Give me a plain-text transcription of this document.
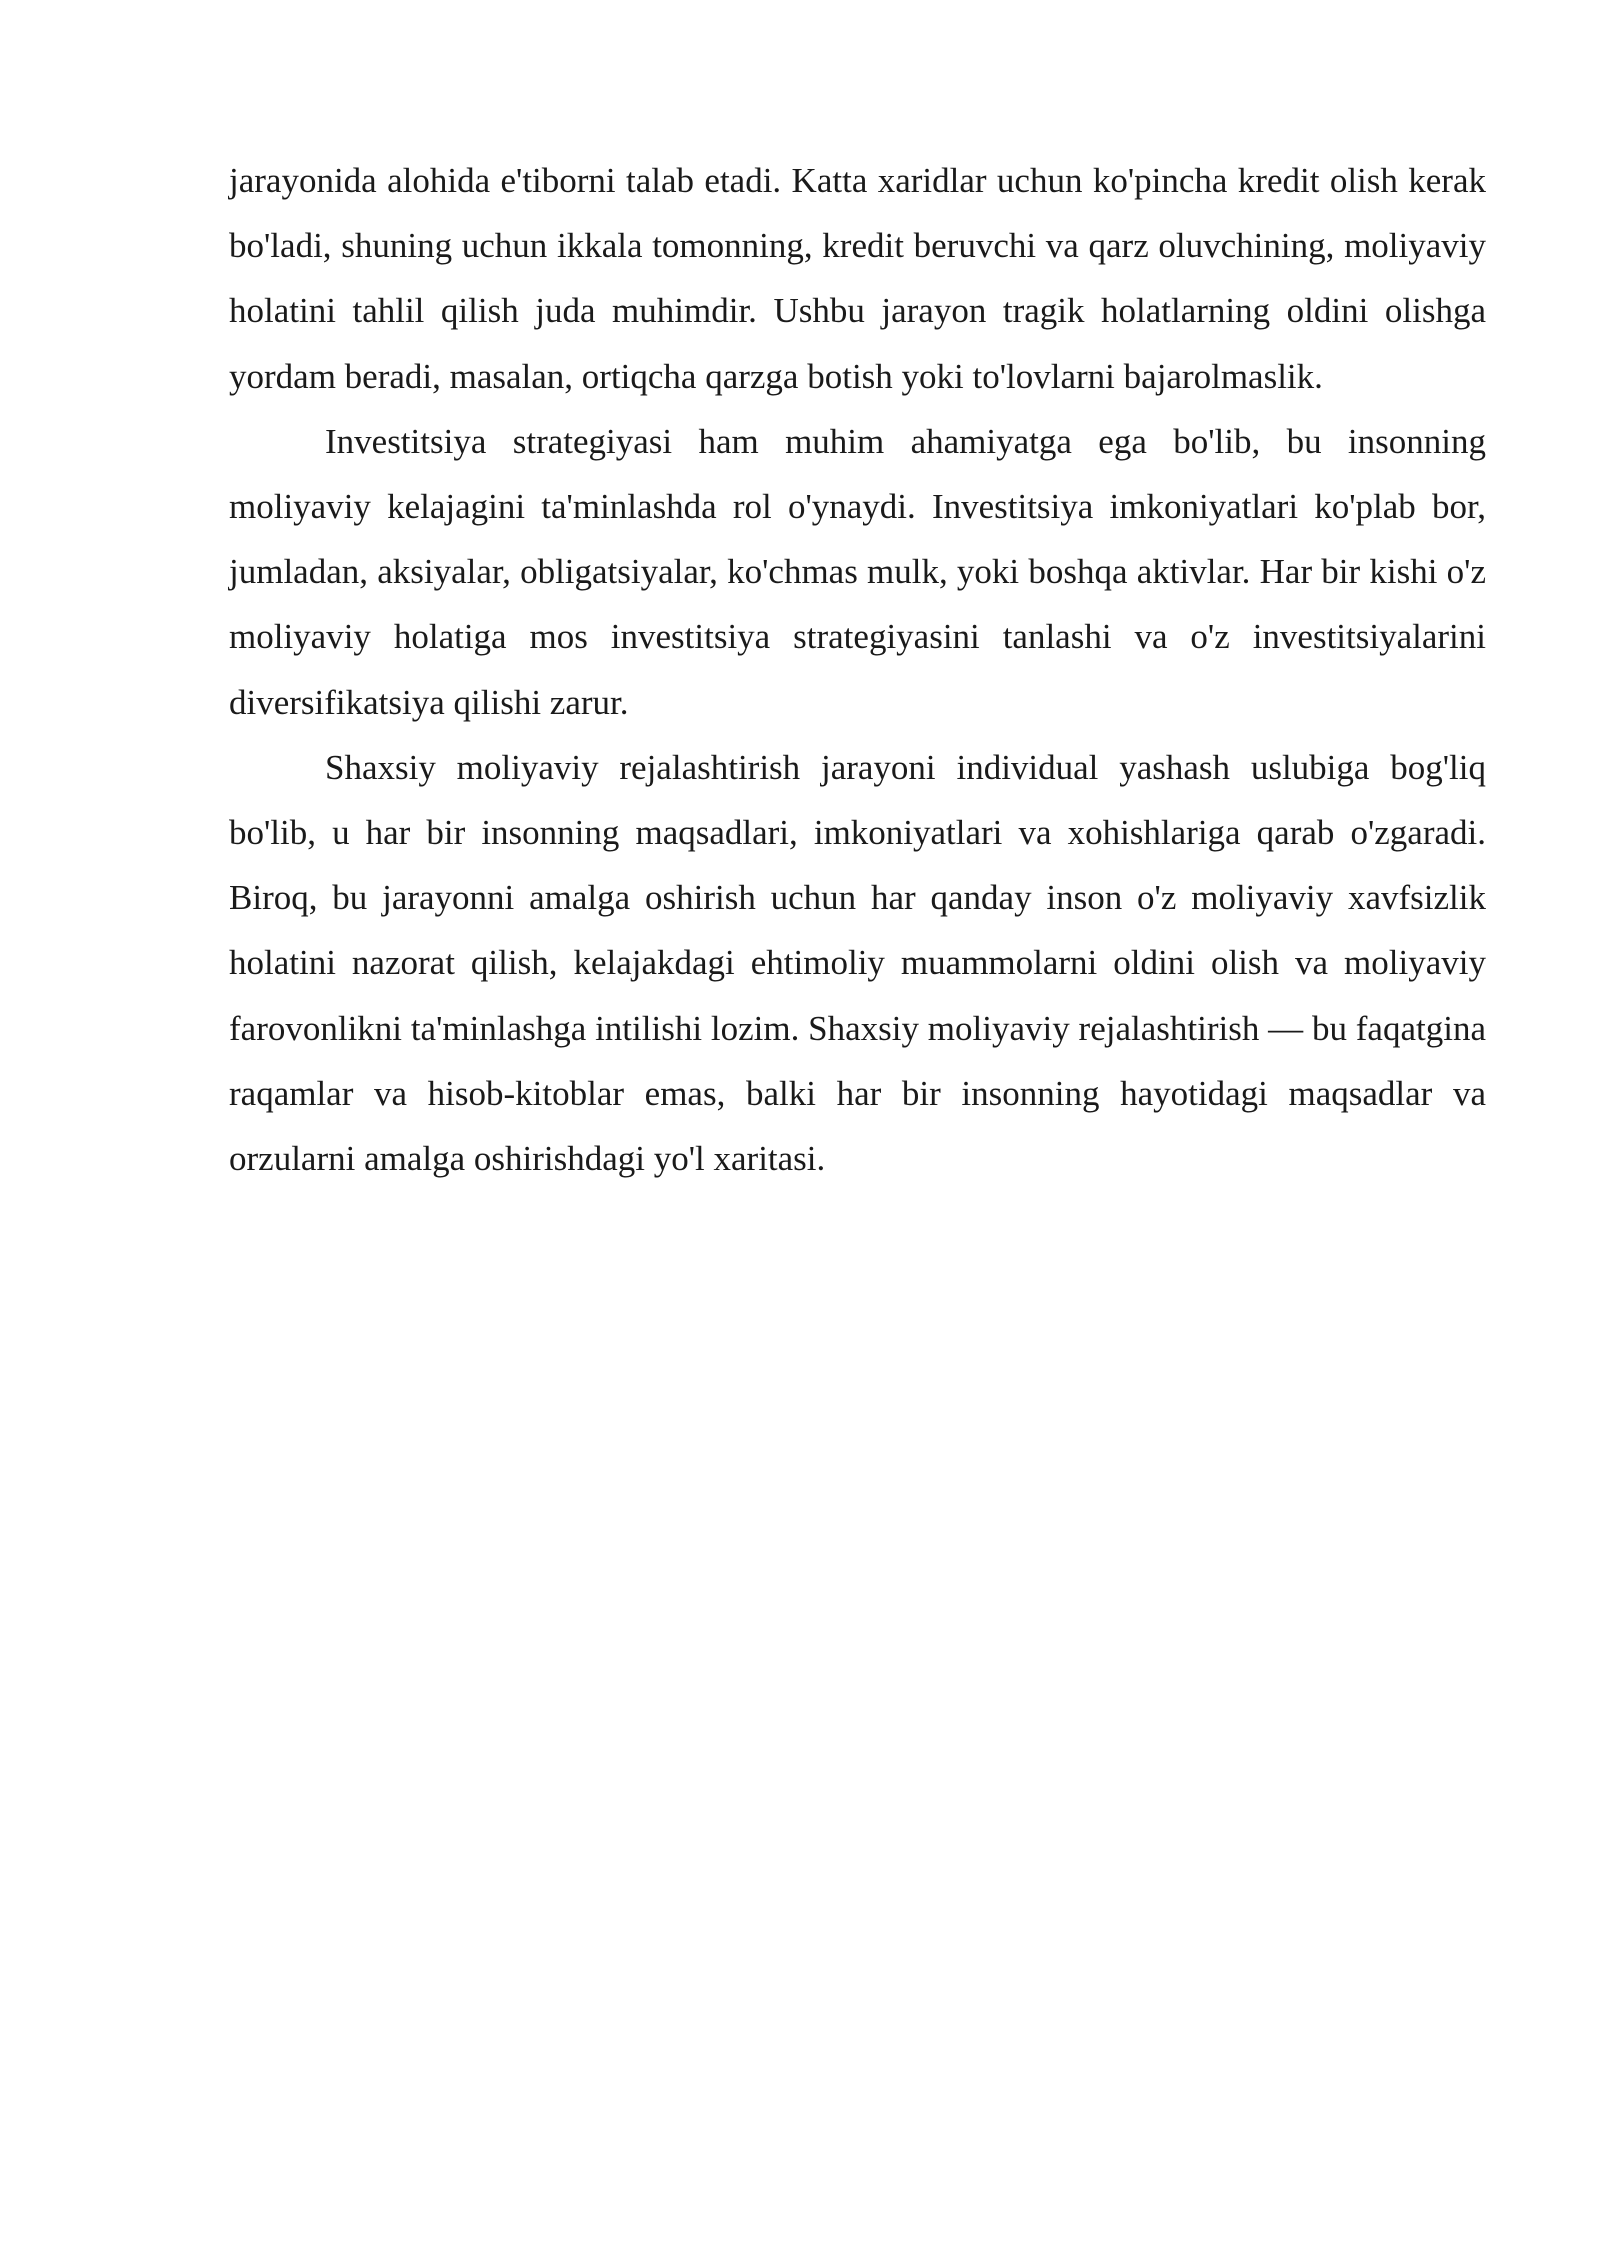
jarayonida alohida e'tiborni talab etadi. Katta xaridlar uchun ko'pincha kredit olish kerak bo'ladi, shuning uchun ikkala tomonning, kredit beruvchi va qarz oluvchining, moliyaviy holatini tahlil qilish juda muhimdir. Ushbu jarayon tragik holatlarning oldini olishga yordam beradi, masalan, ortiqcha qarzga botish yoki to'lovlarni bajarolmaslik.

Investitsiya strategiyasi ham muhim ahamiyatga ega bo'lib, bu insonning moliyaviy kelajagini ta'minlashda rol o'ynaydi. Investitsiya imkoniyatlari ko'plab bor, jumladan, aksiyalar, obligatsiyalar, ko'chmas mulk, yoki boshqa aktivlar. Har bir kishi o'z moliyaviy holatiga mos investitsiya strategiyasini tanlashi va o'z investitsiyalarini diversifikatsiya qilishi zarur.

Shaxsiy moliyaviy rejalashtirish jarayoni individual yashash uslubiga bog'liq bo'lib, u har bir insonning maqsadlari, imkoniyatlari va xohishlariga qarab o'zgaradi. Biroq, bu jarayonni amalga oshirish uchun har qanday inson o'z moliyaviy xavfsizlik holatini nazorat qilish, kelajakdagi ehtimoliy muammolarni oldini olish va moliyaviy farovonlikni ta'minlashga intilishi lozim. Shaxsiy moliyaviy rejalashtirish — bu faqatgina raqamlar va hisob-kitoblar emas, balki har bir insonning hayotidagi maqsadlar va orzularni amalga oshirishdagi yo'l xaritasi.
